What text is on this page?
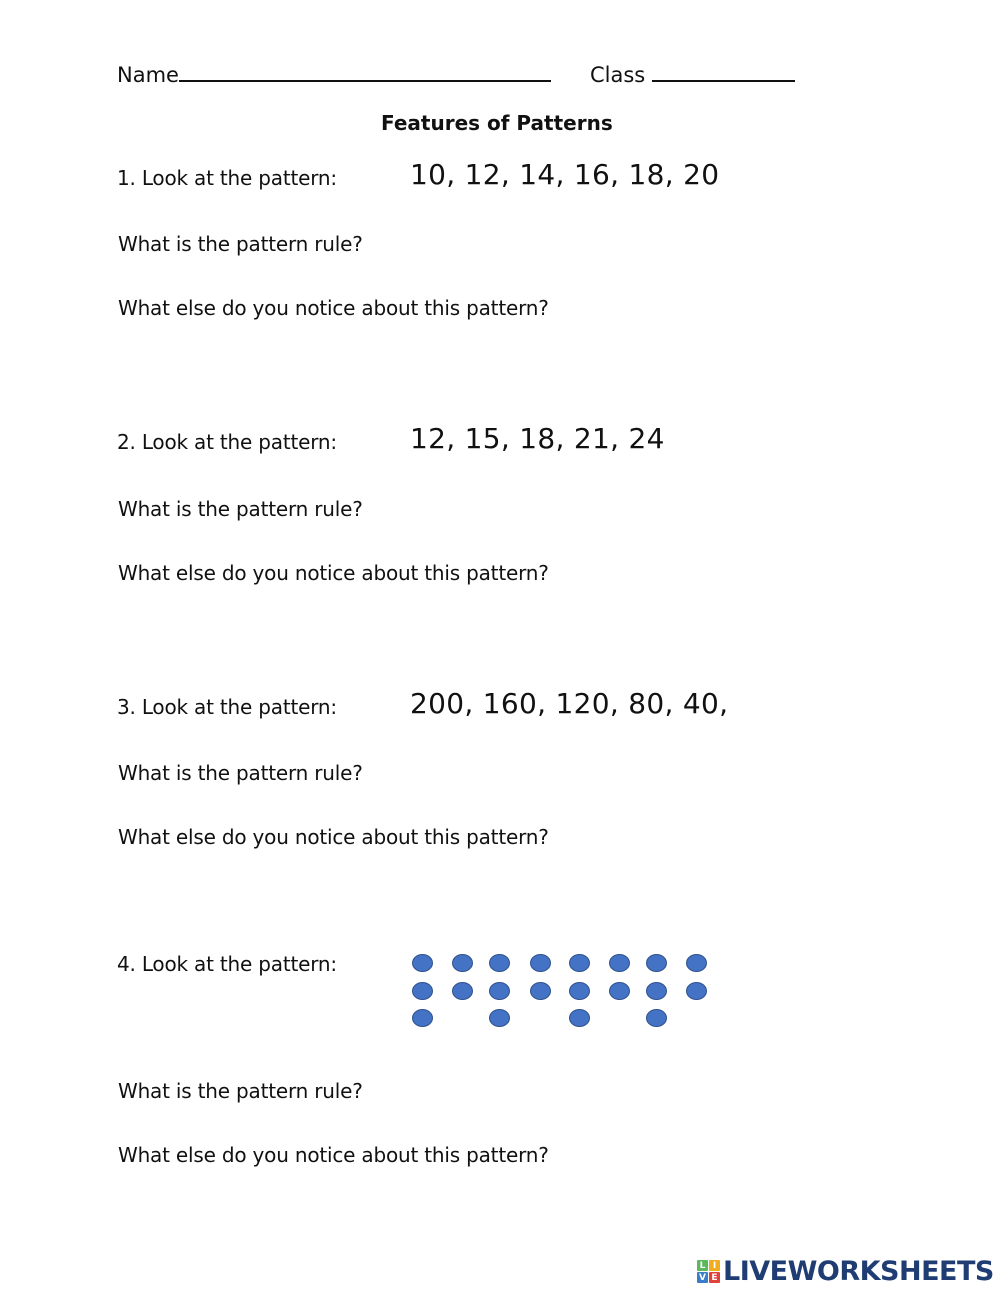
Name	Class
Features of Patterns
1. Look at the pattern:	10, 12, 14, 16, 18, 20
What is the pattern rule?
What else do you notice about this pattern?
2. Look at the pattern:	12, 15, 18, 21, 24
What is the pattern rule?
What else do you notice about this pattern?
3. Look at the pattern:	200, 160, 120, 80, 40,
What is the pattern rule?
What else do you notice about this pattern?
4. Look at the pattern:
What is the pattern rule?
What else do you notice about this pattern?
L I
V E LIVEWORKSHEETS
